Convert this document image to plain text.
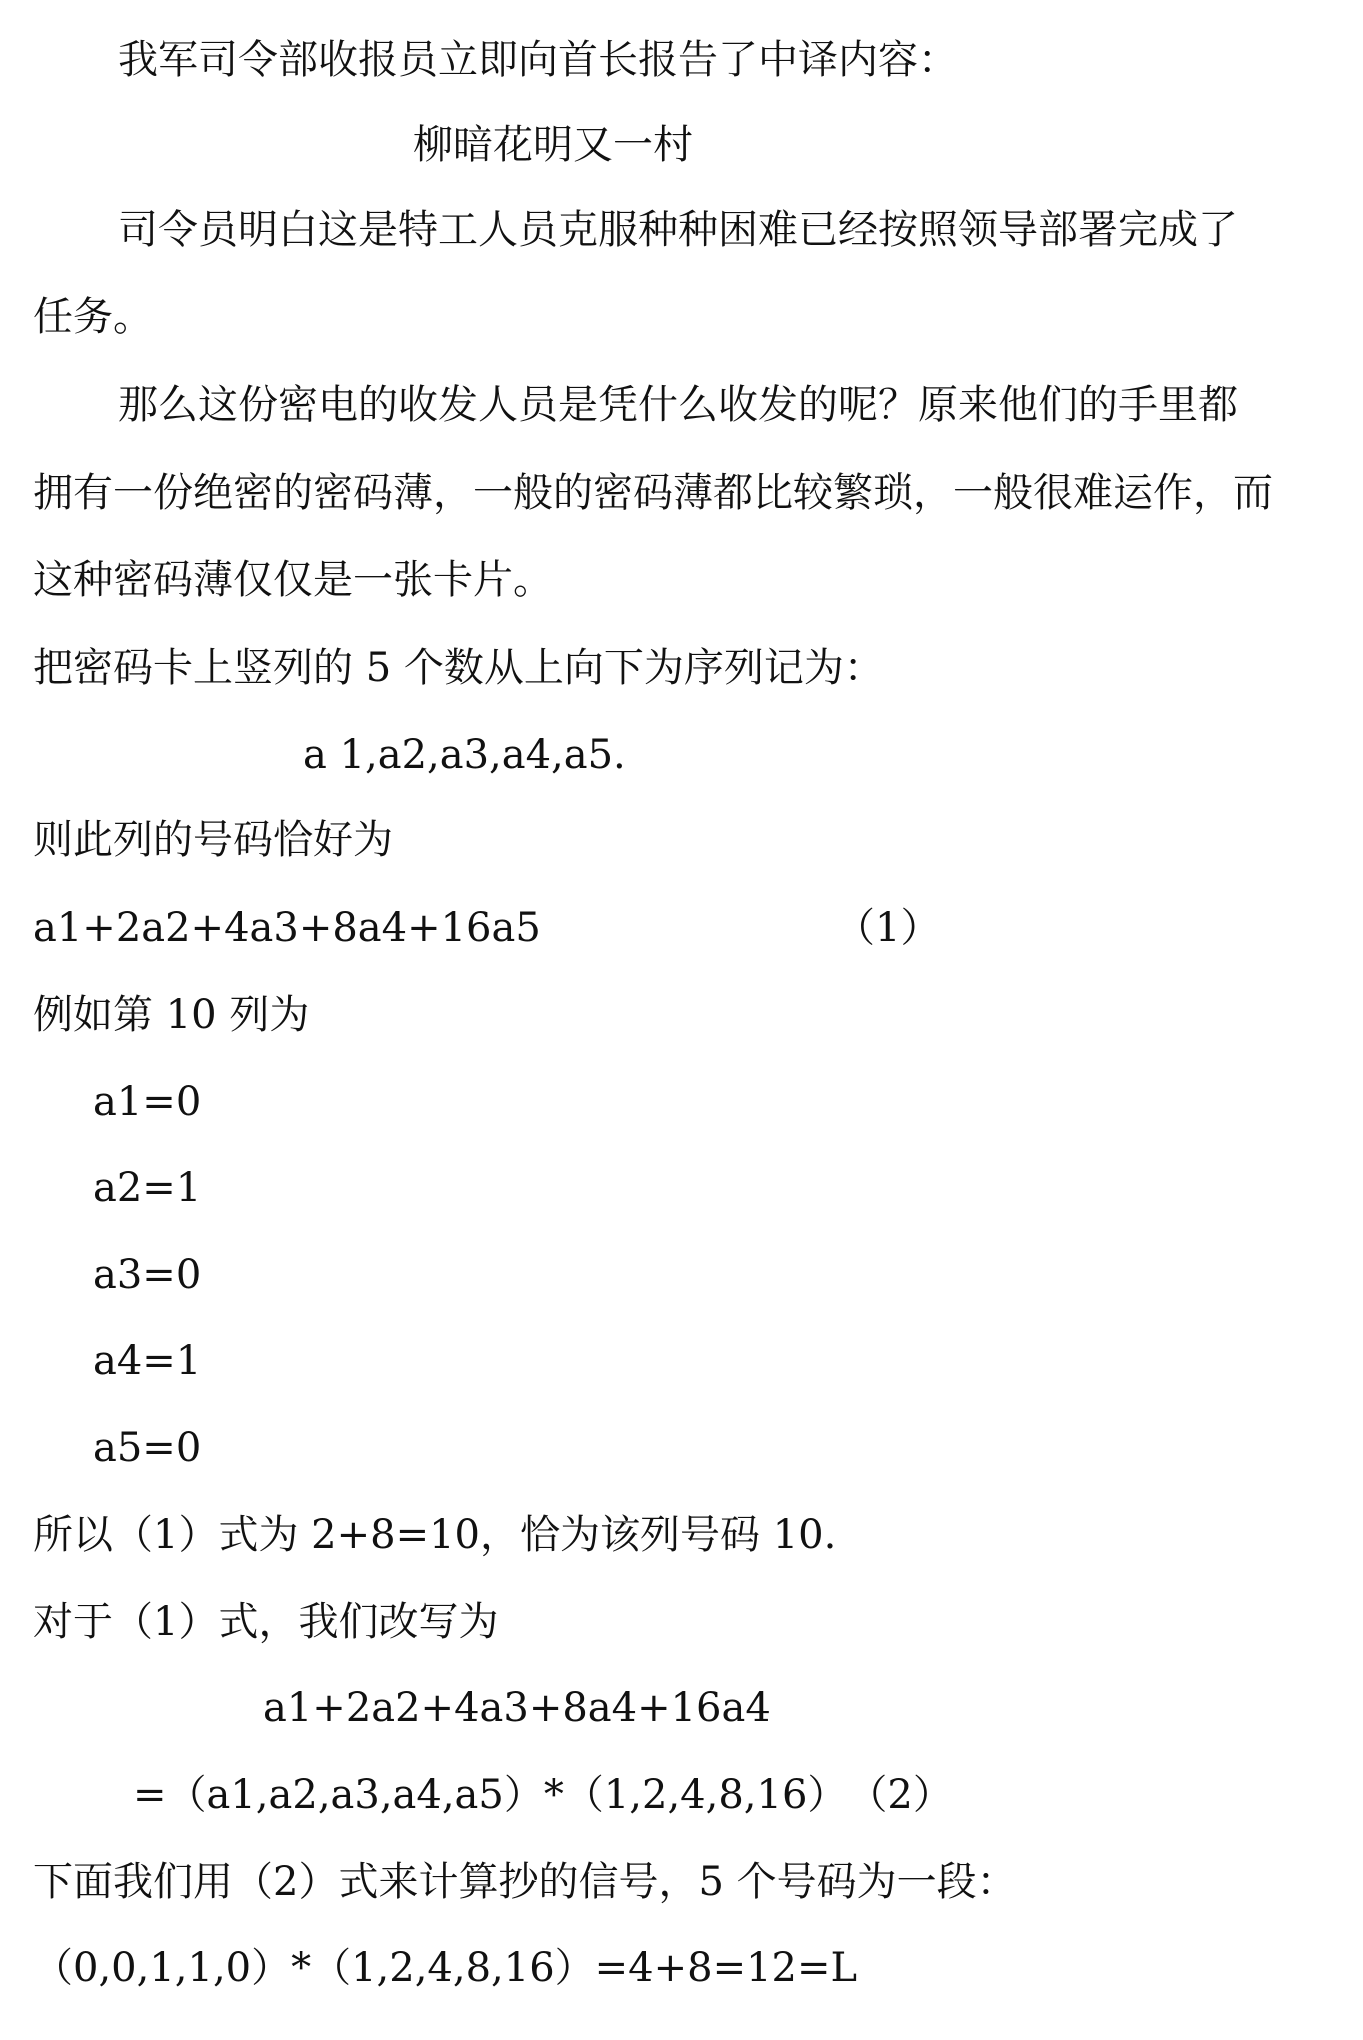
我军司令部收报员立即向首长报告了中译内容：

柳暗花明又一村

司令员明白这是特工人员克服种种困难已经按照领导部署完成了

任务。

那么这份密电的收发人员是凭什么收发的呢？原来他们的手里都

拥有一份绝密的密码薄，一般的密码薄都比较繁琐，一般很难运作，而

这种密码薄仅仅是一张卡片。

把密码卡上竖列的 5 个数从上向下为序列记为：

a 1,a2,a3,a4,a5.

则此列的号码恰好为

a1+2a2+4a3+8a4+16a5	（1）

例如第 10 列为

a1=0

a2=1

a3=0

a4=1

a5=0

所以（1）式为 2+8=10，恰为该列号码 10.

对于（1）式，我们改写为

a1+2a2+4a3+8a4+16a4

=（a1,a2,a3,a4,a5）*（1,2,4,8,16）　（2）

下面我们用（2）式来计算抄的信号，5 个号码为一段：

（0,0,1,1,0）*（1,2,4,8,16）=4+8=12=L
